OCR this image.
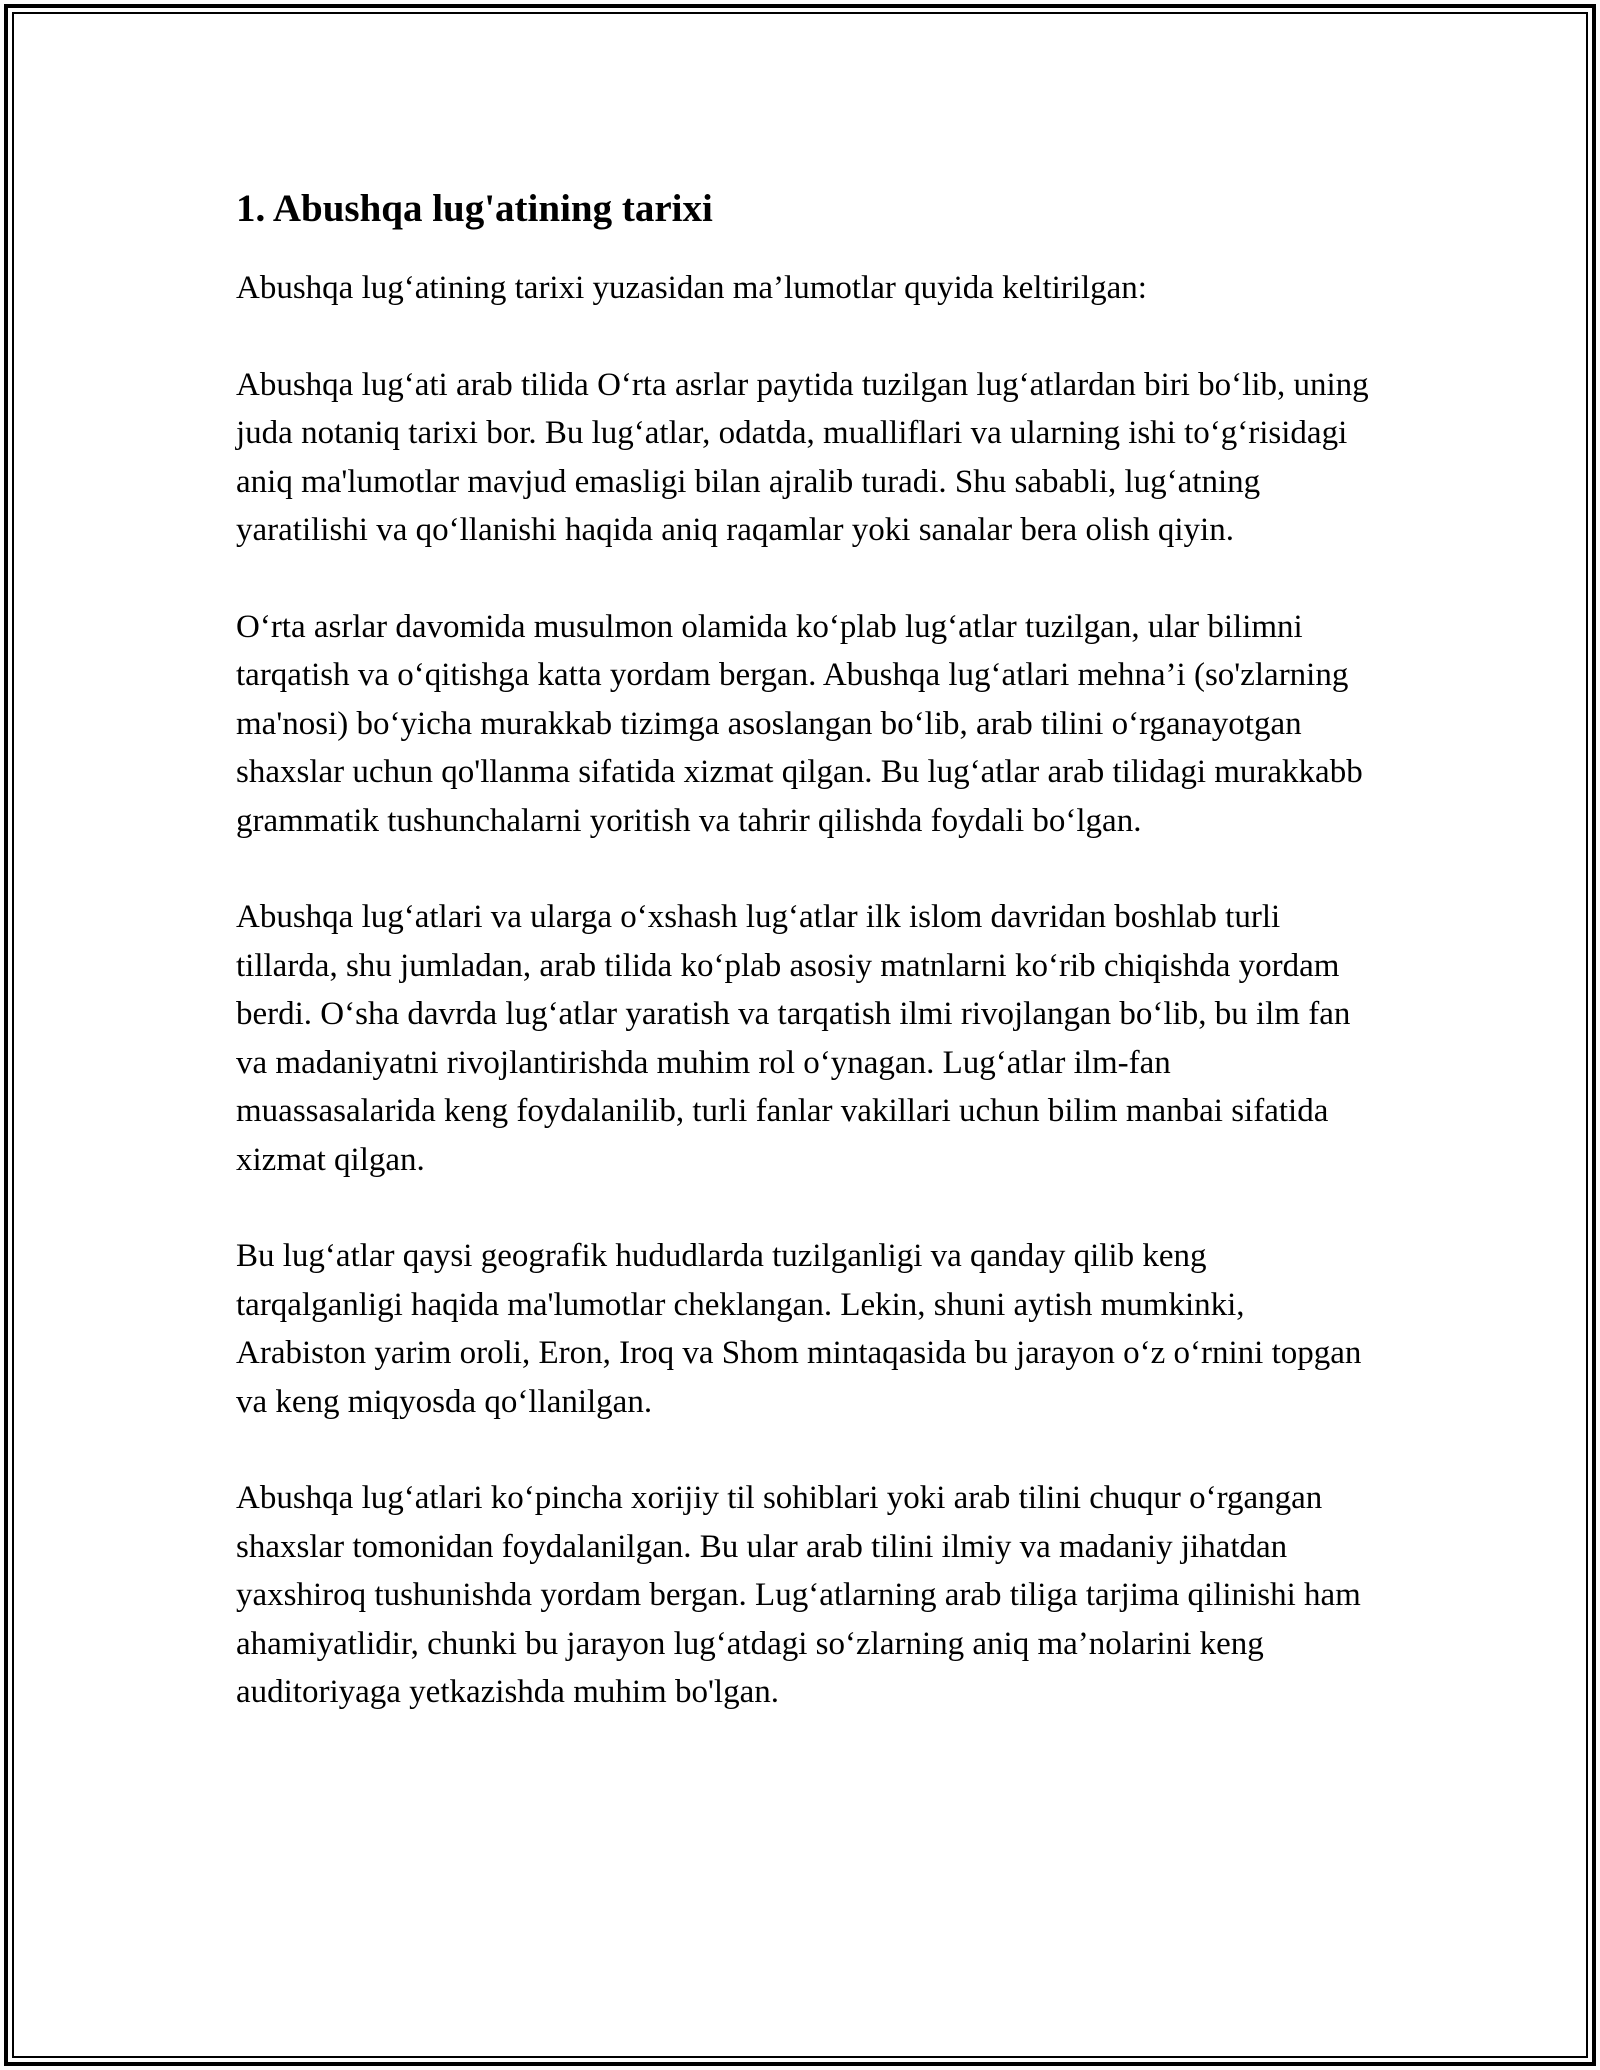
1. Abushqa lug'atining tarixi

Abushqa lug‘atining tarixi yuzasidan ma’lumotlar quyida keltirilgan:

Abushqa lug‘ati arab tilida O‘rta asrlar paytida tuzilgan lug‘atlardan biri bo‘lib, uning juda notaniq tarixi bor. Bu lug‘atlar, odatda, mualliflari va ularning ishi to‘g‘risidagi aniq ma'lumotlar mavjud emasligi bilan ajralib turadi. Shu sababli, lug‘atning yaratilishi va qo‘llanishi haqida aniq raqamlar yoki sanalar bera olish qiyin.

O‘rta asrlar davomida musulmon olamida ko‘plab lug‘atlar tuzilgan, ular bilimni tarqatish va o‘qitishga katta yordam bergan. Abushqa lug‘atlari mehna’i (so'zlarning ma'nosi) bo‘yicha murakkab tizimga asoslangan bo‘lib, arab tilini o‘rganayotgan shaxslar uchun qo'llanma sifatida xizmat qilgan. Bu lug‘atlar arab tilidagi murakkabb grammatik tushunchalarni yoritish va tahrir qilishda foydali bo‘lgan.

Abushqa lug‘atlari va ularga o‘xshash lug‘atlar ilk islom davridan boshlab turli tillarda, shu jumladan, arab tilida ko‘plab asosiy matnlarni ko‘rib chiqishda yordam berdi. O‘sha davrda lug‘atlar yaratish va tarqatish ilmi rivojlangan bo‘lib, bu ilm fan va madaniyatni rivojlantirishda muhim rol o‘ynagan. Lug‘atlar ilm-fan muassasalarida keng foydalanilib, turli fanlar vakillari uchun bilim manbai sifatida xizmat qilgan.

Bu lug‘atlar qaysi geografik hududlarda tuzilganligi va qanday qilib keng tarqalganligi haqida ma'lumotlar cheklangan. Lekin, shuni aytish mumkinki, Arabiston yarim oroli, Eron, Iroq va Shom mintaqasida bu jarayon o‘z o‘rnini topgan va keng miqyosda qo‘llanilgan.

Abushqa lug‘atlari ko‘pincha xorijiy til sohiblari yoki arab tilini chuqur o‘rgangan shaxslar tomonidan foydalanilgan. Bu ular arab tilini ilmiy va madaniy jihatdan yaxshiroq tushunishda yordam bergan. Lug‘atlarning arab tiliga tarjima qilinishi ham ahamiyatlidir, chunki bu jarayon lug‘atdagi so‘zlarning aniq ma’nolarini keng auditoriyaga yetkazishda muhim bo'lgan.
